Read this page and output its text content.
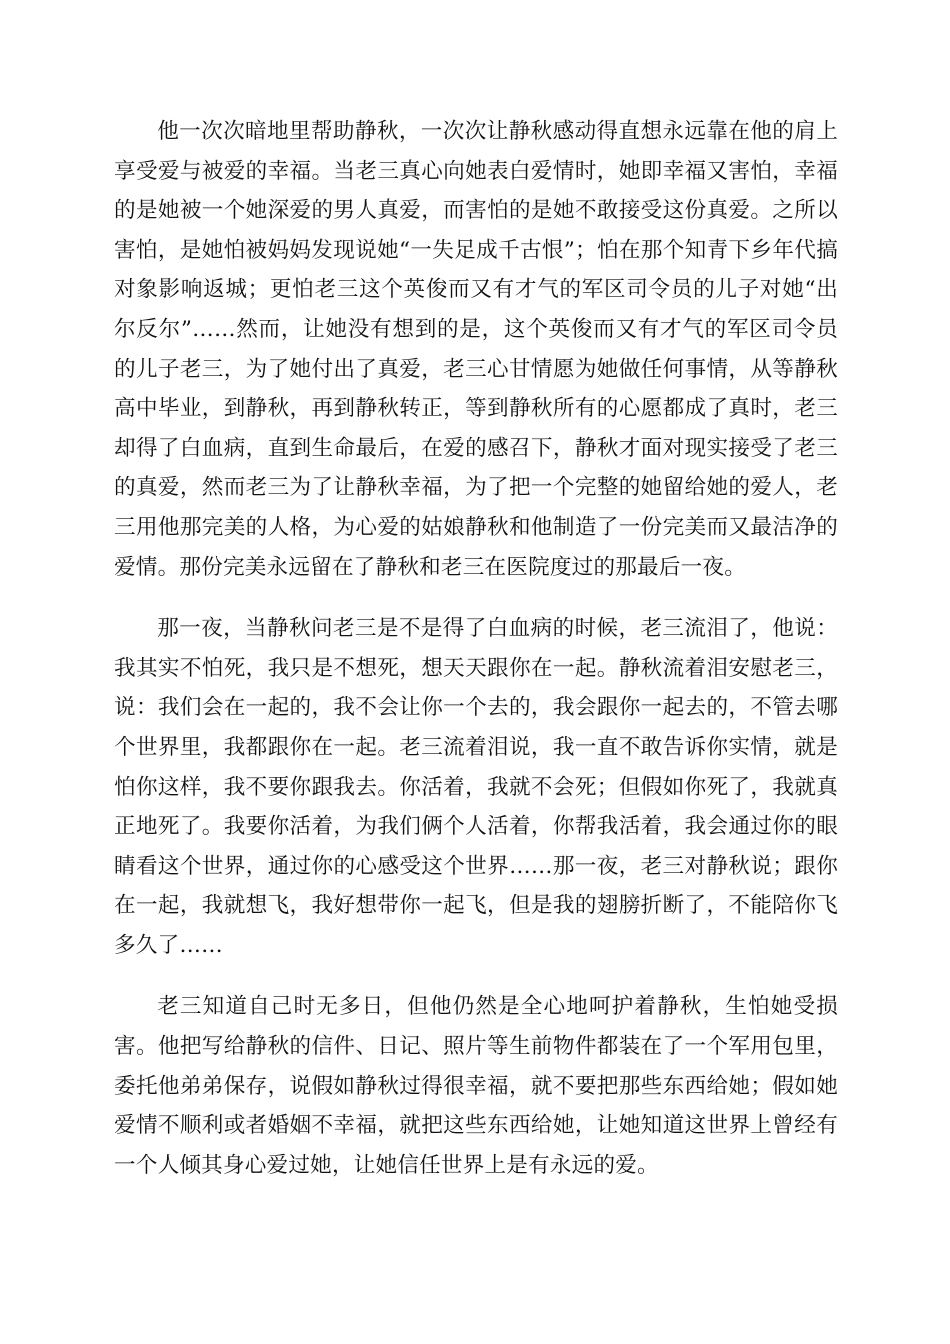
他一次次暗地里帮助静秋，一次次让静秋感动得直想永远靠在他的肩上享受爱与被爱的幸福。当老三真心向她表白爱情时，她即幸福又害怕，幸福的是她被一个她深爱的男人真爱，而害怕的是她不敢接受这份真爱。之所以害怕，是她怕被妈妈发现说她“一失足成千古恨”；怕在那个知青下乡年代搞对象影响返城；更怕老三这个英俊而又有才气的军区司令员的儿子对她“出尔反尔”……然而，让她没有想到的是，这个英俊而又有才气的军区司令员的儿子老三，为了她付出了真爱，老三心甘情愿为她做任何事情，从等静秋高中毕业，到静秋，再到静秋转正，等到静秋所有的心愿都成了真时，老三却得了白血病，直到生命最后，在爱的感召下，静秋才面对现实接受了老三的真爱，然而老三为了让静秋幸福，为了把一个完整的她留给她的爱人，老三用他那完美的人格，为心爱的姑娘静秋和他制造了一份完美而又最洁净的爱情。那份完美永远留在了静秋和老三在医院度过的那最后一夜。

那一夜，当静秋问老三是不是得了白血病的时候，老三流泪了，他说：我其实不怕死，我只是不想死，想天天跟你在一起。静秋流着泪安慰老三，说：我们会在一起的，我不会让你一个去的，我会跟你一起去的，不管去哪个世界里，我都跟你在一起。老三流着泪说，我一直不敢告诉你实情，就是怕你这样，我不要你跟我去。你活着，我就不会死；但假如你死了，我就真正地死了。我要你活着，为我们俩个人活着，你帮我活着，我会通过你的眼睛看这个世界，通过你的心感受这个世界……那一夜，老三对静秋说；跟你在一起，我就想飞，我好想带你一起飞，但是我的翅膀折断了，不能陪你飞多久了……

老三知道自己时无多日，但他仍然是全心地呵护着静秋，生怕她受损害。他把写给静秋的信件、日记、照片等生前物件都装在了一个军用包里，委托他弟弟保存，说假如静秋过得很幸福，就不要把那些东西给她；假如她爱情不顺利或者婚姻不幸福，就把这些东西给她，让她知道这世界上曾经有一个人倾其身心爱过她，让她信任世界上是有永远的爱。
